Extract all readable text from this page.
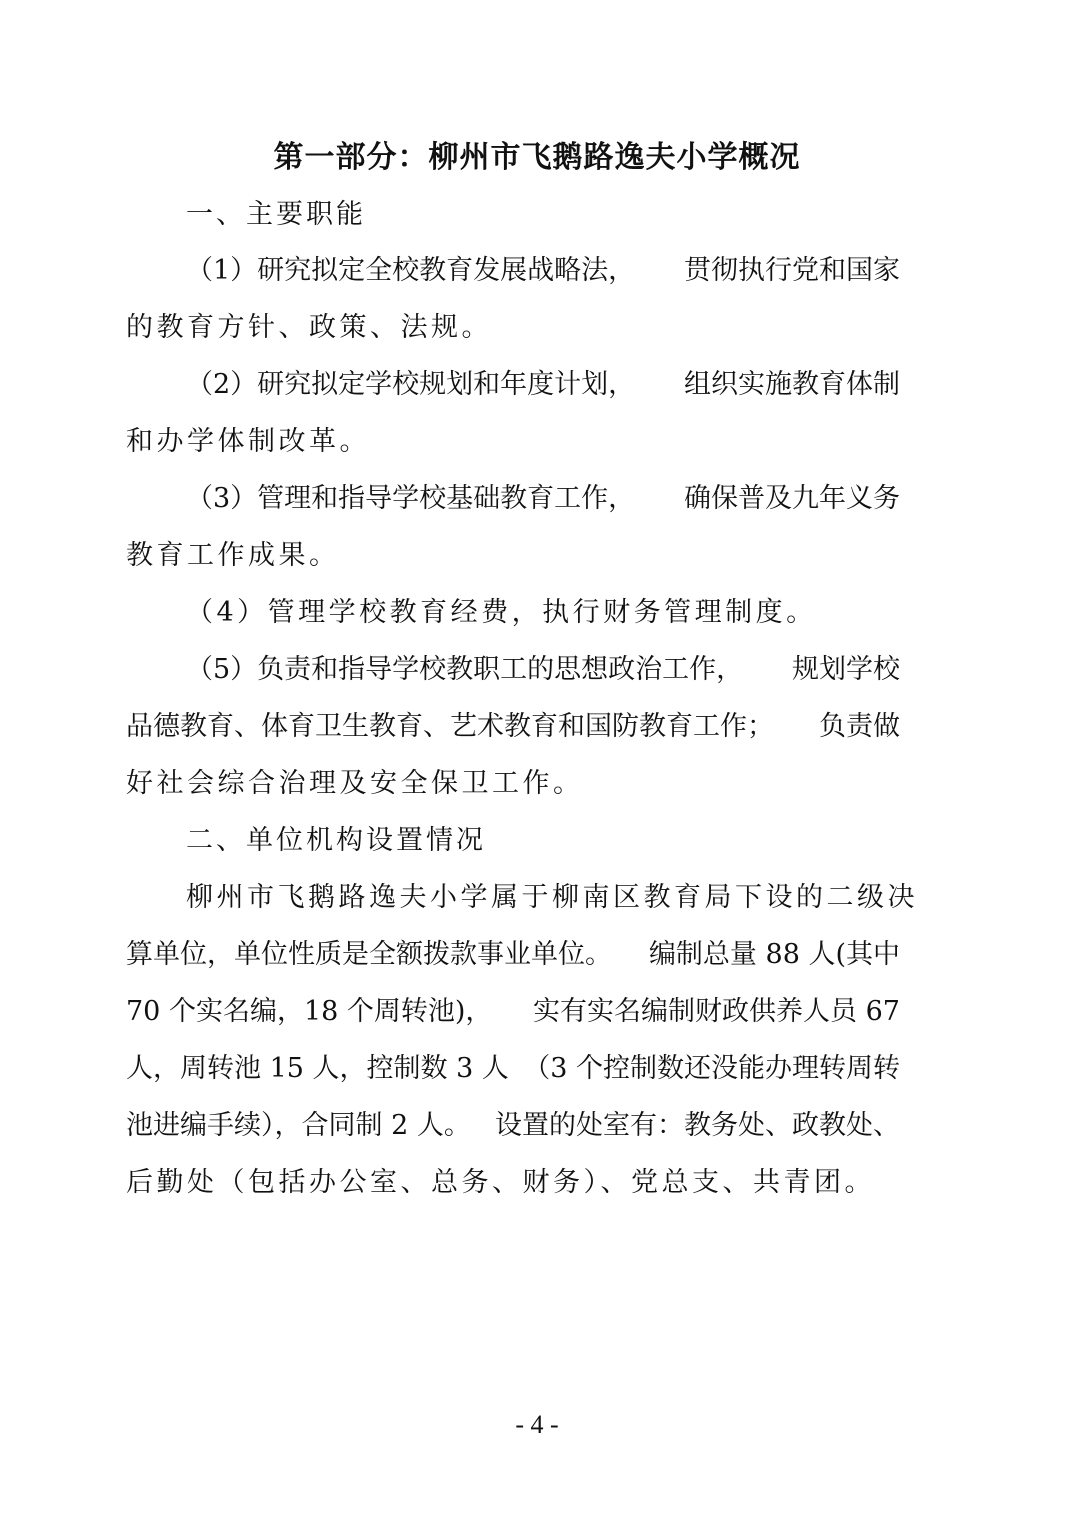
第一部分：柳州市飞鹅路逸夫小学概况
一、主要职能
（1）研究拟定全校教育发展战略法， 贯彻执行党和国家
的教育方针、政策、法规。
（2）研究拟定学校规划和年度计划， 组织实施教育体制
和办学体制改革。
（3）管理和指导学校基础教育工作， 确保普及九年义务
教育工作成果。
（4）管理学校教育经费，执行财务管理制度。
（5）负责和指导学校教职工的思想政治工作， 规划学校
品德教育、体育卫生教育、艺术教育和国防教育工作； 负责做
好社会综合治理及安全保卫工作。
二、单位机构设置情况
柳州市飞鹅路逸夫小学属于柳南区教育局下设的二级决
算单位，单位性质是全额拨款事业单位。 编制总量 88 人(其中
70 个实名编，18 个周转池)， 实有实名编制财政供养人员 67
人，周转池 15 人，控制数 3 人 （3 个控制数还没能办理转周转
池进编手续），合同制 2 人。 设置的处室有：教务处、政教处、
后勤处（包括办公室、总务、财务）、党总支、共青团。
- 4 -
